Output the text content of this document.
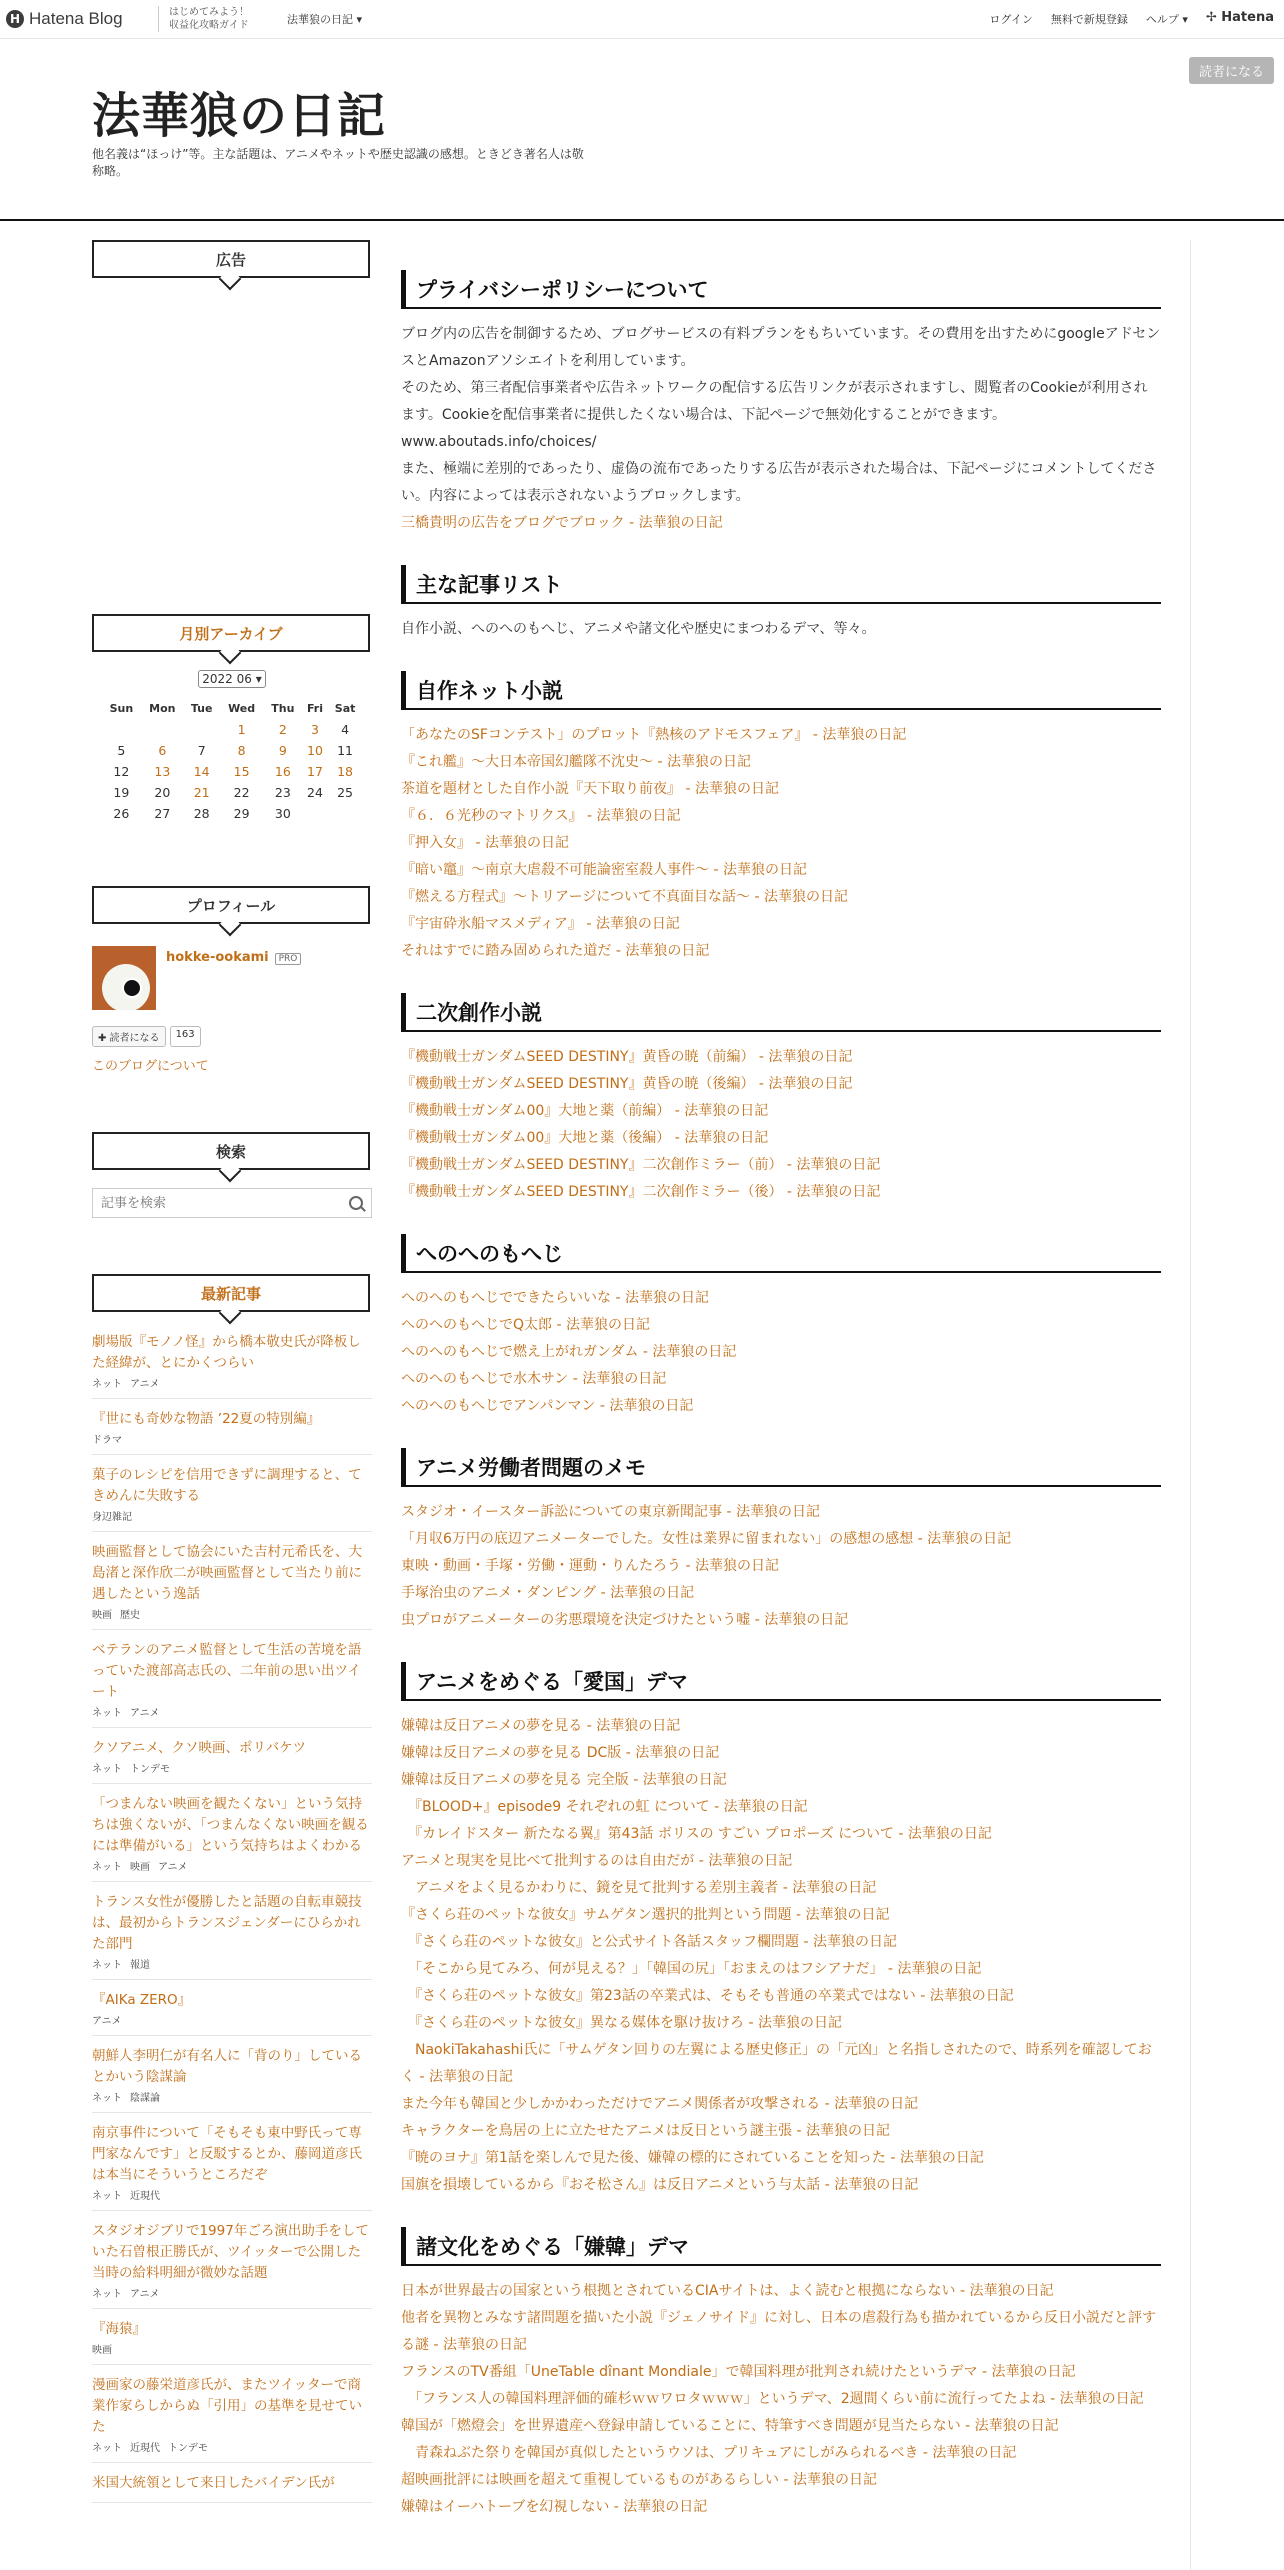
H Hatena Blog	はじめてみよう！
収益化攻略ガイド	法華狼の日記 ▾	ログイン 無料で新規登録 ヘルプ ▾ ✢ Hatena
法華狼の日記
他名義は“ほっけ”等。主な話題は、アニメやネットや歴史認識の感想。ときどき著名人は敬称略。
読者になる
広告
月別アーカイブ
2022 06 ▾
Sun	Mon	Tue	Wed	Thu	Fri	Sat
			1	2	3	4
5	6	7	8	9	10	11
12	13	14	15	16	17	18
19	20	21	22	23	24	25
26	27	28	29	30		
プロフィール
hokke-ookami PRO
✚ 読者になる	163
このブログについて
検索
記事を検索
最新記事
劇場版『モノノ怪』から橋本敬史氏が降板した経緯が、とにかくつらい
ネット アニメ
『世にも奇妙な物語 ’22夏の特別編』
ドラマ
菓子のレシピを信用できずに調理すると、てきめんに失敗する
身辺雑記
映画監督として協会にいた吉村元希氏を、大島渚と深作欣二が映画監督として当たり前に遇したという逸話
映画 歴史
ベテランのアニメ監督として生活の苦境を語っていた渡部高志氏の、二年前の思い出ツイート
ネット アニメ
クソアニメ、クソ映画、ポリバケツ
ネット トンデモ
「つまんない映画を観たくない」という気持ちは強くないが、「つまんなくない映画を観るには準備がいる」という気持ちはよくわかる
ネット 映画 アニメ
トランス女性が優勝したと話題の自転車競技は、最初からトランスジェンダーにひらかれた部門
ネット 報道
『AIKa ZERO』
アニメ
朝鮮人李明仁が有名人に「背のり」しているとかいう陰謀論
ネット 陰謀論
南京事件について「そもそも東中野氏って専門家なんです」と反駁するとか、藤岡道彦氏は本当にそういうところだぞ
ネット 近現代
スタジオジブリで1997年ごろ演出助手をしていた石曽根正勝氏が、ツイッターで公開した当時の給料明細が微妙な話題
ネット アニメ
『海猿』
映画
漫画家の藤栄道彦氏が、またツイッターで商業作家らしからぬ「引用」の基準を見せていた
ネット 近現代 トンデモ
米国大統領として来日したバイデン氏が
プライバシーポリシーについて
ブログ内の広告を制御するため、ブログサービスの有料プランをもちいています。その費用を出すためにgoogleアドセンスとAmazonアソシエイトを利用しています。
そのため、第三者配信事業者や広告ネットワークの配信する広告リンクが表示されますし、閲覧者のCookieが利用されます。Cookieを配信事業者に提供したくない場合は、下記ページで無効化することができます。
www.aboutads.info/choices/
また、極端に差別的であったり、虚偽の流布であったりする広告が表示された場合は、下記ページにコメントしてください。内容によっては表示されないようブロックします。
三橋貴明の広告をブログでブロック - 法華狼の日記
主な記事リスト
自作小説、へのへのもへじ、アニメや諸文化や歴史にまつわるデマ、等々。
自作ネット小説
「あなたのSFコンテスト」のプロット『熱核のアドモスフェア』 - 法華狼の日記
『これ艦』〜大日本帝国幻艦隊不沈史〜 - 法華狼の日記
茶道を題材とした自作小説『天下取り前夜』 - 法華狼の日記
『６．６光秒のマトリクス』 - 法華狼の日記
『押入女』 - 法華狼の日記
『暗い竈』〜南京大虐殺不可能論密室殺人事件〜 - 法華狼の日記
『燃える方程式』〜トリアージについて不真面目な話〜 - 法華狼の日記
『宇宙砕氷船マスメディア』 - 法華狼の日記
それはすでに踏み固められた道だ - 法華狼の日記
二次創作小説
『機動戦士ガンダムSEED DESTINY』黄昏の暁（前編） - 法華狼の日記
『機動戦士ガンダムSEED DESTINY』黄昏の暁（後編） - 法華狼の日記
『機動戦士ガンダム00』大地と薬（前編） - 法華狼の日記
『機動戦士ガンダム00』大地と薬（後編） - 法華狼の日記
『機動戦士ガンダムSEED DESTINY』二次創作ミラー（前） - 法華狼の日記
『機動戦士ガンダムSEED DESTINY』二次創作ミラー（後） - 法華狼の日記
へのへのもへじ
へのへのもへじでできたらいいな - 法華狼の日記
へのへのもへじでQ太郎 - 法華狼の日記
へのへのもへじで燃え上がれガンダム - 法華狼の日記
へのへのもへじで水木サン - 法華狼の日記
へのへのもへじでアンパンマン - 法華狼の日記
アニメ労働者問題のメモ
スタジオ・イースター訴訟についての東京新聞記事 - 法華狼の日記
「月収6万円の底辺アニメーターでした。女性は業界に留まれない」の感想の感想 - 法華狼の日記
東映・動画・手塚・労働・運動・りんたろう - 法華狼の日記
手塚治虫のアニメ・ダンピング - 法華狼の日記
虫プロがアニメーターの劣悪環境を決定づけたという嘘 - 法華狼の日記
アニメをめぐる「愛国」デマ
嫌韓は反日アニメの夢を見る - 法華狼の日記
嫌韓は反日アニメの夢を見る DC版 - 法華狼の日記
嫌韓は反日アニメの夢を見る 完全版 - 法華狼の日記
　『BLOOD+』episode9 それぞれの虹 について - 法華狼の日記
　『カレイドスター 新たなる翼』第43話 ボリスの すごい プロポーズ について - 法華狼の日記
アニメと現実を見比べて批判するのは自由だが - 法華狼の日記
　アニメをよく見るかわりに、鏡を見て批判する差別主義者 - 法華狼の日記
『さくら荘のペットな彼女』サムゲタン選択的批判という問題 - 法華狼の日記
　『さくら荘のペットな彼女』と公式サイト各話スタッフ欄問題 - 法華狼の日記
　「そこから見てみろ、何が見える？」「韓国の尻」「おまえのはフシアナだ」 - 法華狼の日記
　『さくら荘のペットな彼女』第23話の卒業式は、そもそも普通の卒業式ではない - 法華狼の日記
　『さくら荘のペットな彼女』異なる媒体を駆け抜けろ - 法華狼の日記
　NaokiTakahashi氏に「サムゲタン回りの左翼による歴史修正」の「元凶」と名指しされたので、時系列を確認しておく - 法華狼の日記
また今年も韓国と少しかかわっただけでアニメ関係者が攻撃される - 法華狼の日記
キャラクターを鳥居の上に立たせたアニメは反日という謎主張 - 法華狼の日記
『暁のヨナ』第1話を楽しんで見た後、嫌韓の標的にされていることを知った - 法華狼の日記
国旗を損壊しているから『おそ松さん』は反日アニメという与太話 - 法華狼の日記
諸文化をめぐる「嫌韓」デマ
日本が世界最古の国家という根拠とされているCIAサイトは、よく読むと根拠にならない - 法華狼の日記
他者を異物とみなす諸問題を描いた小説『ジェノサイド』に対し、日本の虐殺行為も描かれているから反日小説だと評する謎 - 法華狼の日記
フランスのTV番組「UneTable dînant Mondiale」で韓国料理が批判され続けたというデマ - 法華狼の日記
　「フランス人の韓国料理評価的確杉ｗｗワロタｗｗｗ」というデマ、2週間くらい前に流行ってたよね - 法華狼の日記
韓国が「燃燈会」を世界遺産へ登録申請していることに、特筆すべき問題が見当たらない - 法華狼の日記
　青森ねぶた祭りを韓国が真似したというウソは、プリキュアにしがみられるべき - 法華狼の日記
超映画批評には映画を超えて重視しているものがあるらしい - 法華狼の日記
嫌韓はイーハトーブを幻視しない - 法華狼の日記
